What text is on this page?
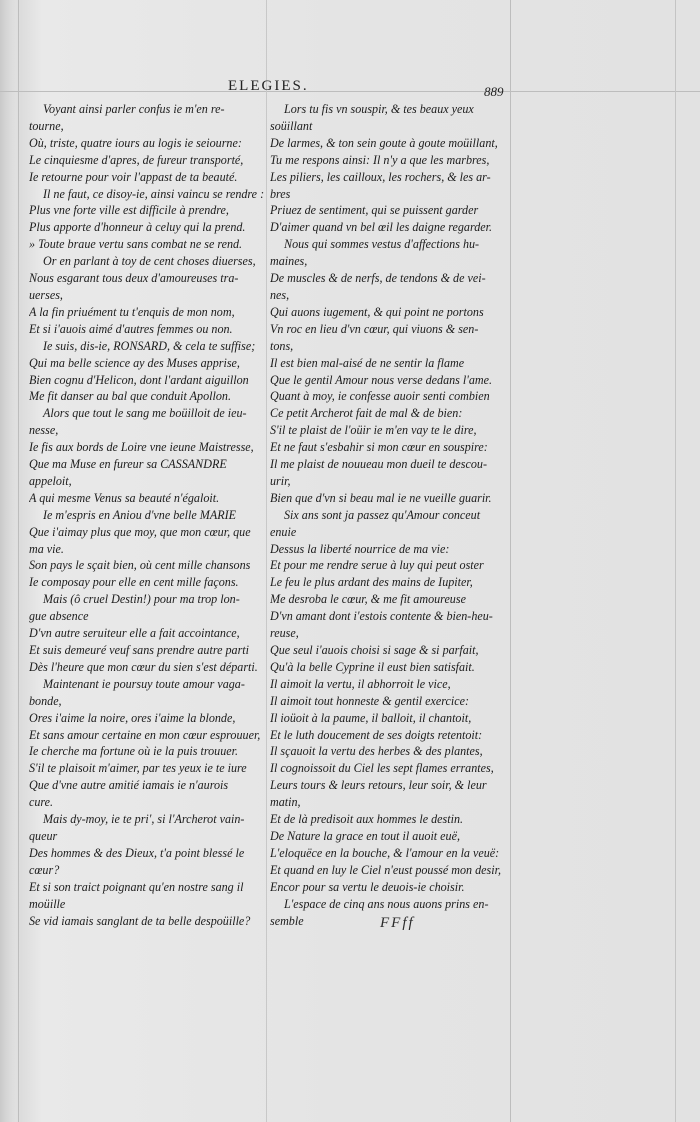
ELEGIES.	889
Voyant ainsi parler confus ie m'en re-
tourne,
Où, triste, quatre iours au logis ie seiourne:
Le cinquiesme d'apres, de fureur transporté,
Ie retourne pour voir l'appast de ta beauté.
Il ne faut, ce disoy-ie, ainsi vaincu se rendre :
Plus vne forte ville est difficile à prendre,
Plus apporte d'honneur à celuy qui la prend.
» Toute braue vertu sans combat ne se rend.
Or en parlant à toy de cent choses diuerses,
Nous esgarant tous deux d'amoureuses tra-
uerses,
A la fin priuément tu t'enquis de mon nom,
Et si i'auois aimé d'autres femmes ou non.
Ie suis, dis-ie, RONSARD, & cela te suffise;
Qui ma belle science ay des Muses apprise,
Bien cognu d'Helicon, dont l'ardant aiguillon
Me fit danser au bal que conduit Apollon.
Alors que tout le sang me boüilloit de ieu-
nesse,
Ie fis aux bords de Loire vne ieune Maistresse,
Que ma Muse en fureur sa CASSANDRE
appeloit,
A qui mesme Venus sa beauté n'égaloit.
Ie m'espris en Aniou d'vne belle MARIE
Que i'aimay plus que moy, que mon cœur, que
ma vie.
Son pays le sçait bien, où cent mille chansons
Ie composay pour elle en cent mille façons.
Mais (ô cruel Destin!) pour ma trop lon-
gue absence
D'vn autre seruiteur elle a fait accointance,
Et suis demeuré veuf sans prendre autre parti
Dès l'heure que mon cœur du sien s'est départi.
Maintenant ie poursuy toute amour vaga-
bonde,
Ores i'aime la noire, ores i'aime la blonde,
Et sans amour certaine en mon cœur esprouuer,
Ie cherche ma fortune où ie la puis trouuer.
S'il te plaisoit m'aimer, par tes yeux ie te iure
Que d'vne autre amitié iamais ie n'aurois
cure.
Mais dy-moy, ie te pri', si l'Archerot vain-
queur
Des hommes & des Dieux, t'a point blessé le
cœur?
Et si son traict poignant qu'en nostre sang il
moüille
Se vid iamais sanglant de ta belle despoüille?
Lors tu fis vn souspir, & tes beaux yeux
soüillant
De larmes, & ton sein goute à goute moüillant,
Tu me respons ainsi: Il n'y a que les marbres,
Les piliers, les cailloux, les rochers, & les ar-
bres
Priuez de sentiment, qui se puissent garder
D'aimer quand vn bel œil les daigne regarder.
Nous qui sommes vestus d'affections hu-
maines,
De muscles & de nerfs, de tendons & de vei-
nes,
Qui auons iugement, & qui point ne portons
Vn roc en lieu d'vn cœur, qui viuons & sen-
tons,
Il est bien mal-aisé de ne sentir la flame
Que le gentil Amour nous verse dedans l'ame.
Quant à moy, ie confesse auoir senti combien
Ce petit Archerot fait de mal & de bien:
S'il te plaist de l'oüir ie m'en vay te le dire,
Et ne faut s'esbahir si mon cœur en souspire:
Il me plaist de nouueau mon dueil te descou-
urir,
Bien que d'vn si beau mal ie ne vueille guarir.
Six ans sont ja passez qu'Amour conceut
enuie
Dessus la liberté nourrice de ma vie:
Et pour me rendre serue à luy qui peut oster
Le feu le plus ardant des mains de Iupiter,
Me desroba le cœur, & me fit amoureuse
D'vn amant dont i'estois contente & bien-heu-
reuse,
Que seul i'auois choisi si sage & si parfait,
Qu'à la belle Cyprine il eust bien satisfait.
Il aimoit la vertu, il abhorroit le vice,
Il aimoit tout honneste & gentil exercice:
Il ioüoit à la paume, il balloit, il chantoit,
Et le luth doucement de ses doigts retentoit:
Il sçauoit la vertu des herbes & des plantes,
Il cognoissoit du Ciel les sept flames errantes,
Leurs tours & leurs retours, leur soir, & leur
matin,
Et de là predisoit aux hommes le destin.
De Nature la grace en tout il auoit euë,
L'eloquëce en la bouche, & l'amour en la veuë:
Et quand en luy le Ciel n'eust poussé mon desir,
Encor pour sa vertu le deuois-ie choisir.
L'espace de cinq ans nous auons prins en-
semble	FFff
